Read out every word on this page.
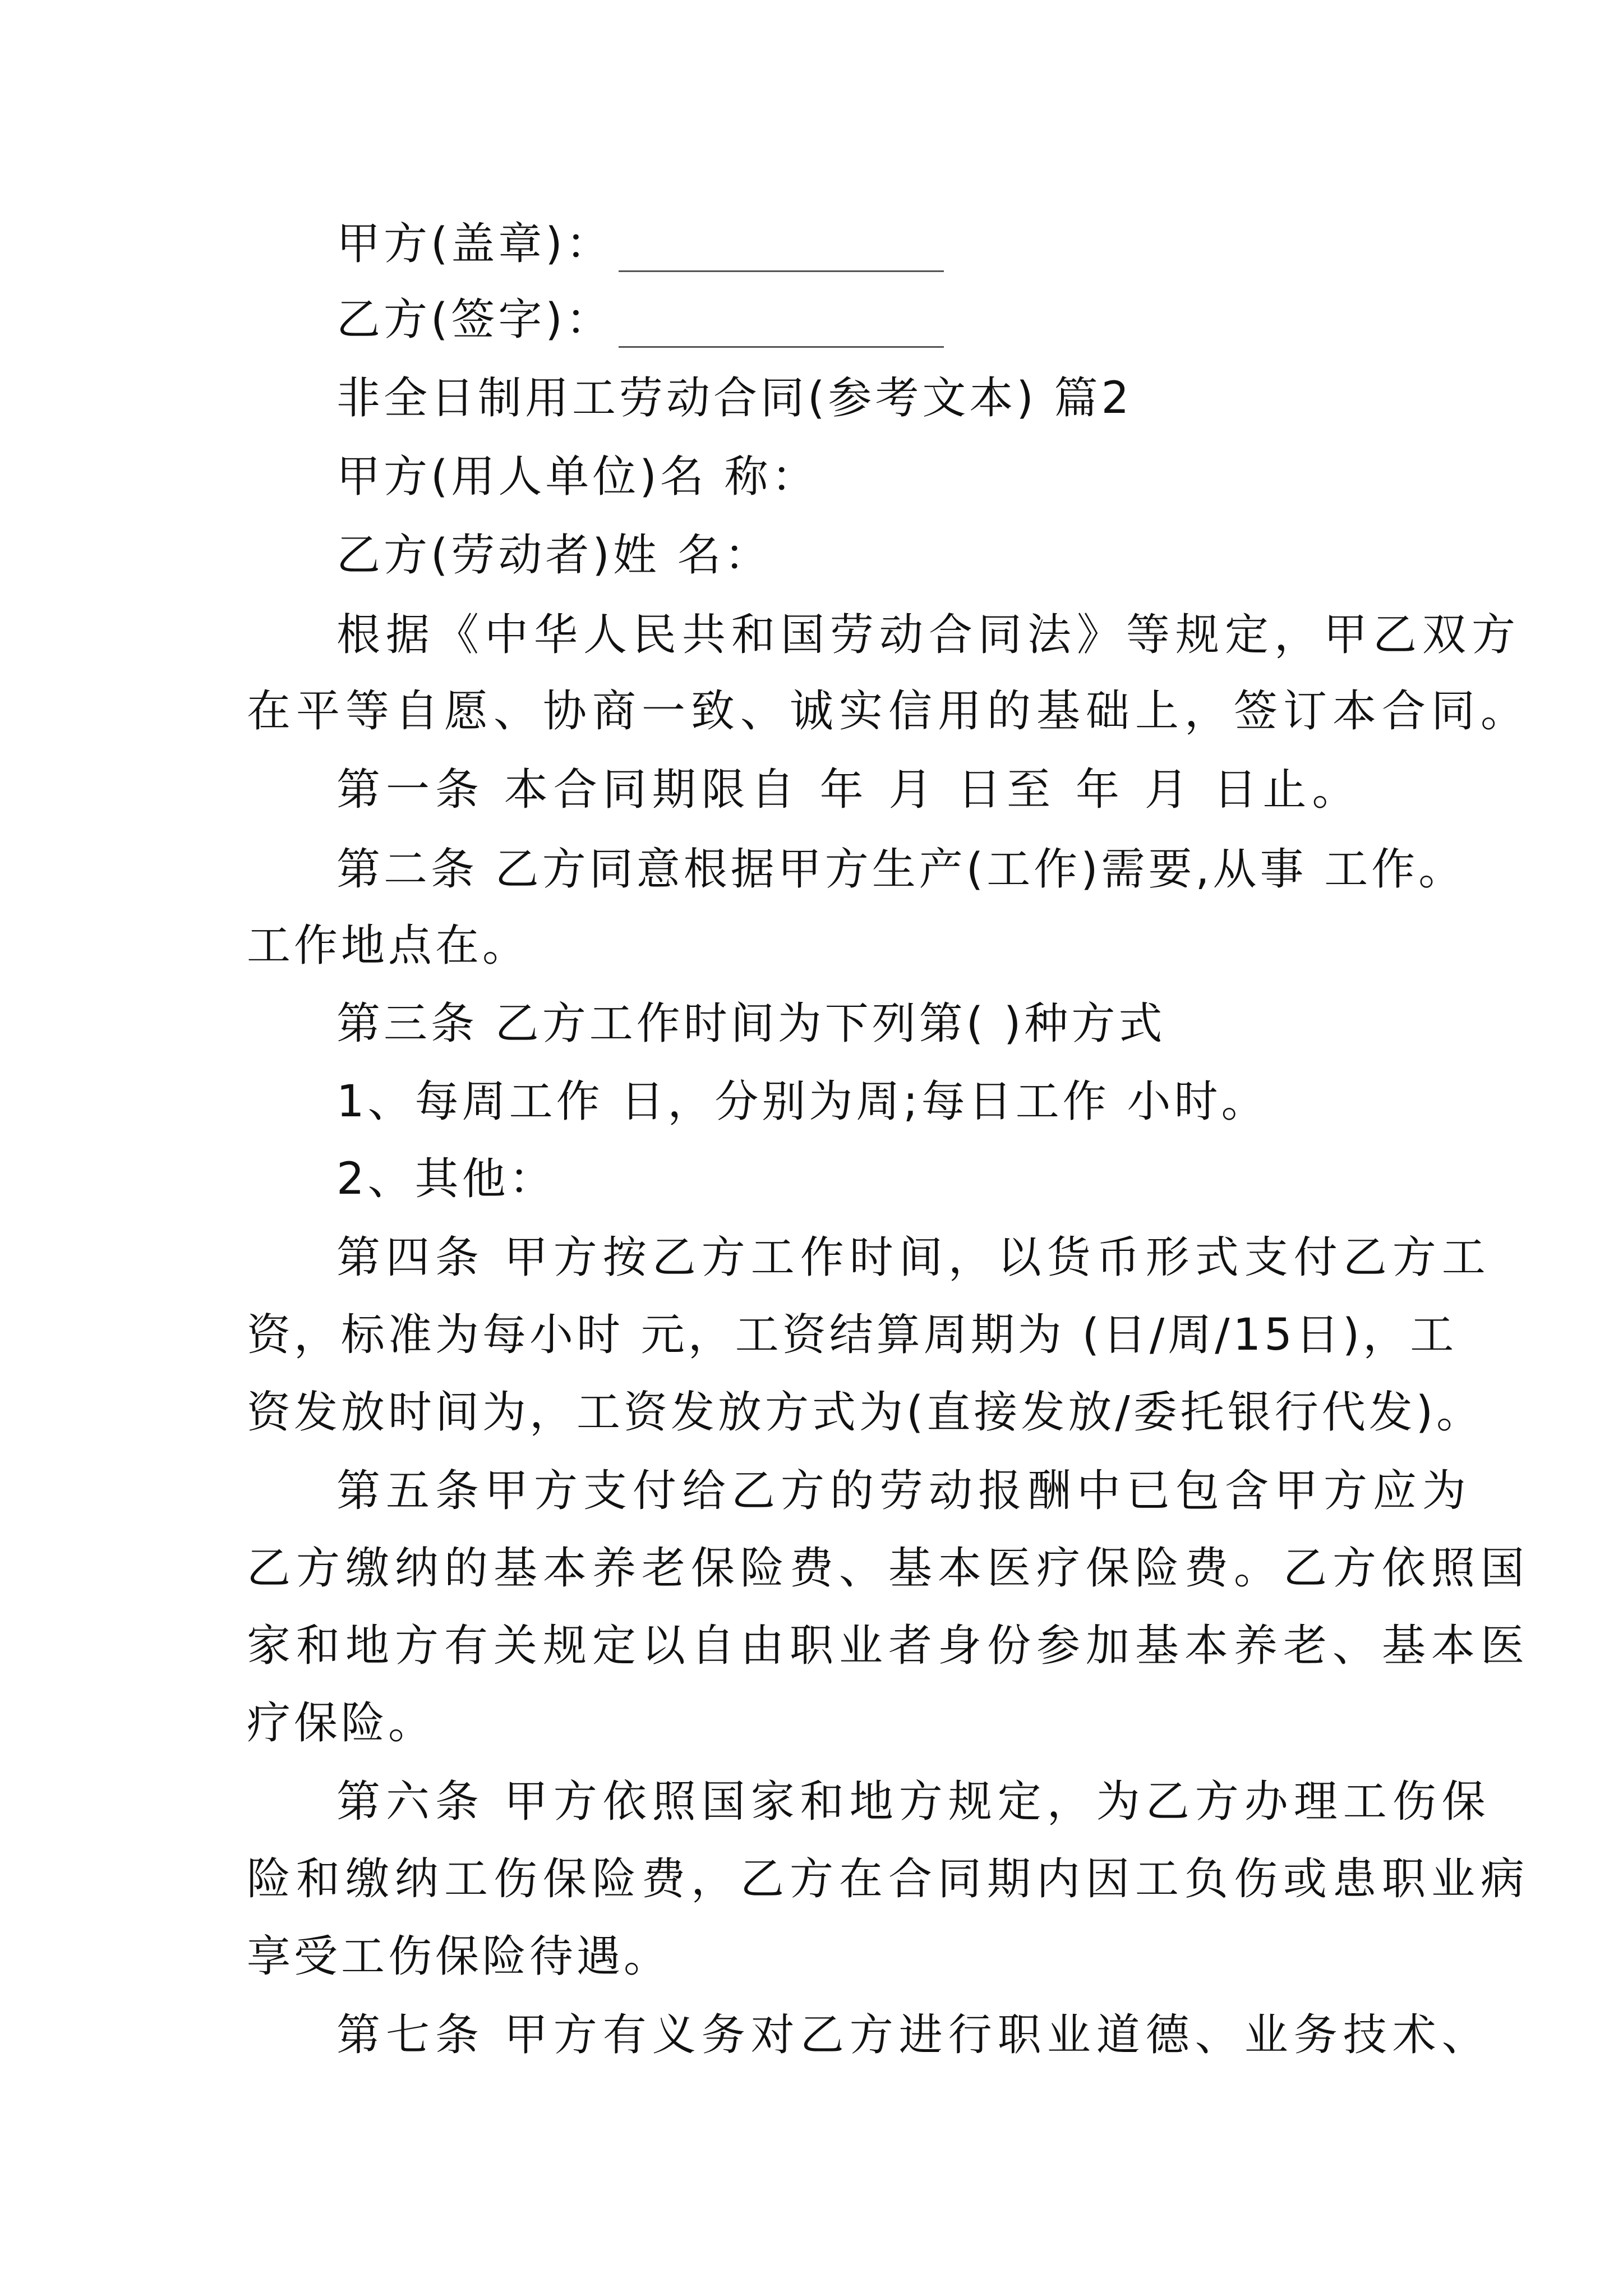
甲方(盖章)：
乙方(签字)：
非全日制用工劳动合同(参考文本) 篇2
甲方(用人单位)名 称：
乙方(劳动者)姓 名：
根据《中华人民共和国劳动合同法》等规定，甲乙双方
在平等自愿、协商一致、诚实信用的基础上，签订本合同。
第一条 本合同期限自 年 月 日至 年 月 日止。
第二条 乙方同意根据甲方生产(工作)需要,从事 工作。
工作地点在。
第三条 乙方工作时间为下列第( )种方式
1、每周工作 日，分别为周;每日工作 小时。
2、其他：
第四条 甲方按乙方工作时间，以货币形式支付乙方工
资，标准为每小时 元，工资结算周期为 (日/周/15日)，工
资发放时间为，工资发放方式为(直接发放/委托银行代发)。
第五条甲方支付给乙方的劳动报酬中已包含甲方应为
乙方缴纳的基本养老保险费、基本医疗保险费。乙方依照国
家和地方有关规定以自由职业者身份参加基本养老、基本医
疗保险。
第六条 甲方依照国家和地方规定，为乙方办理工伤保
险和缴纳工伤保险费，乙方在合同期内因工负伤或患职业病
享受工伤保险待遇。
第七条 甲方有义务对乙方进行职业道德、业务技术、
